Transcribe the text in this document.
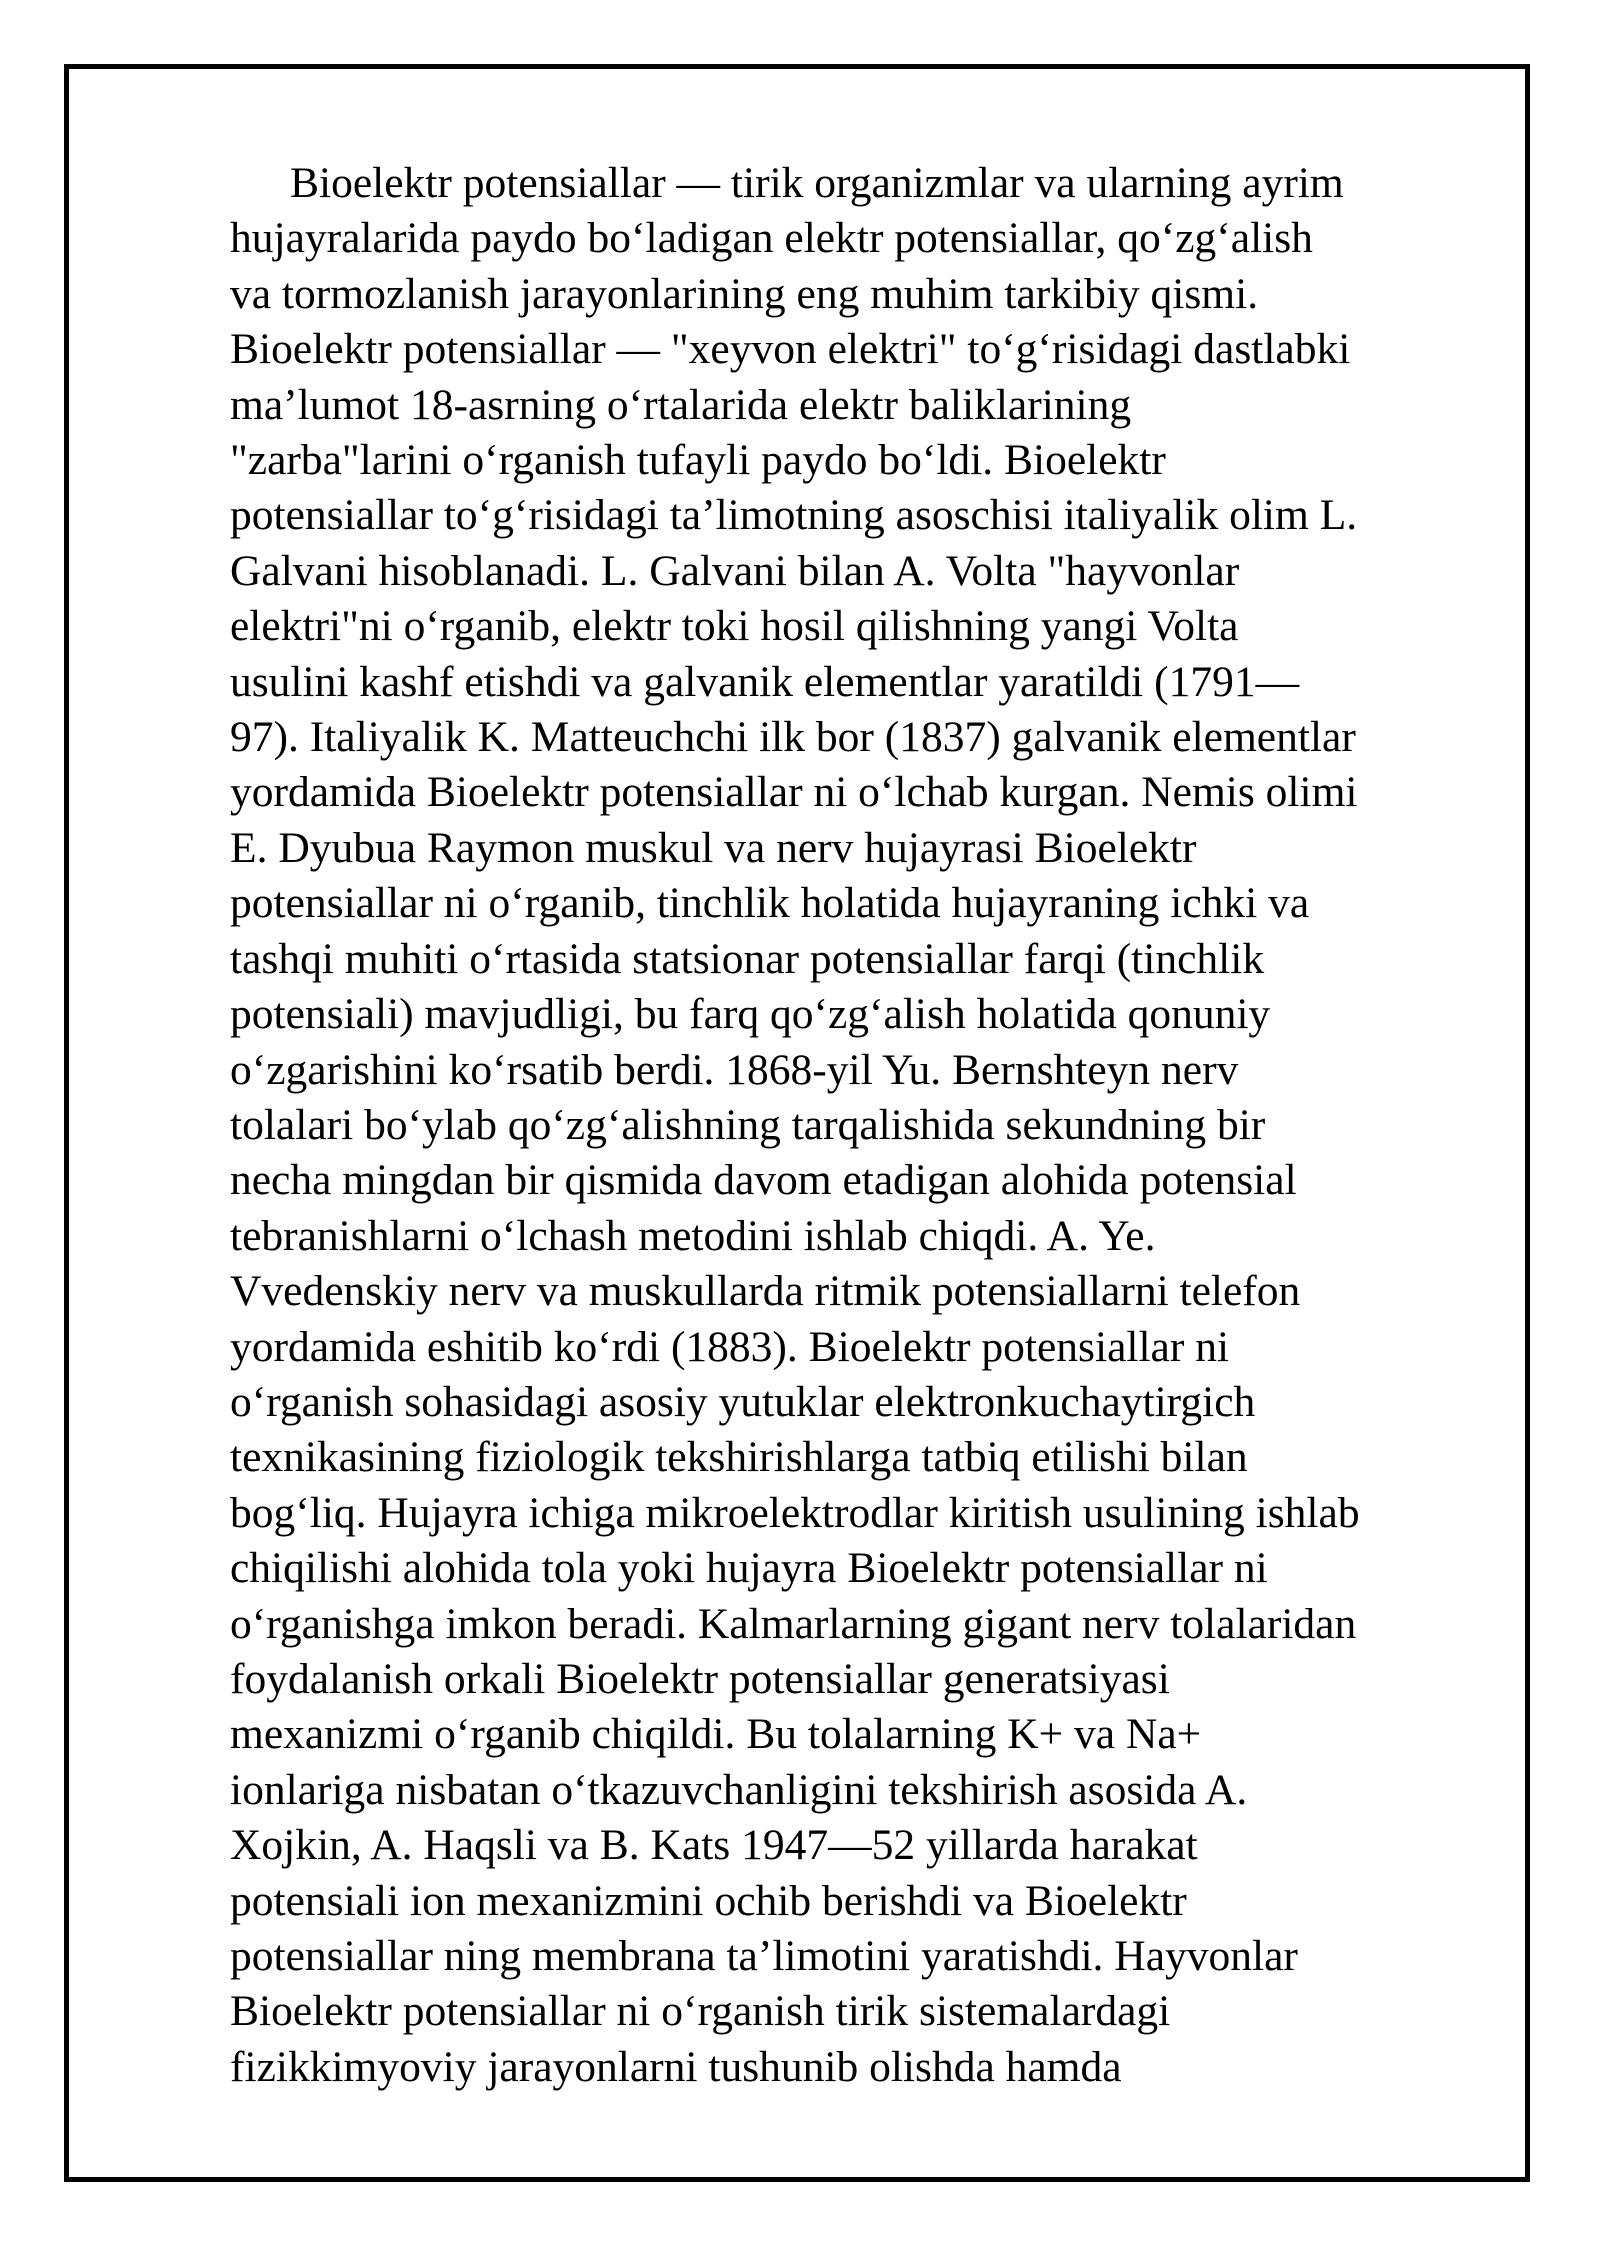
Bioelektr potensiallar — tirik organizmlar va ularning ayrim
hujayralarida paydo boʻladigan elektr potensiallar, qoʻzgʻalish
va tormozlanish jarayonlarining eng muhim tarkibiy qismi.
Bioelektr potensiallar — "xeyvon elektri" toʻgʻrisidagi dastlabki
maʼlumot 18-asrning oʻrtalarida elektr baliklarining
"zarba"larini oʻrganish tufayli paydo boʻldi. Bioelektr
potensiallar toʻgʻrisidagi taʼlimotning asoschisi italiyalik olim L.
Galvani hisoblanadi. L. Galvani bilan A. Volta "hayvonlar
elektri"ni oʻrganib, elektr toki hosil qilishning yangi Volta
usulini kashf etishdi va galvanik elementlar yaratildi (1791—
97). Italiyalik K. Matteuchchi ilk bor (1837) galvanik elementlar
yordamida Bioelektr potensiallar ni oʻlchab kurgan. Nemis olimi
E. Dyubua Raymon muskul va nerv hujayrasi Bioelektr
potensiallar ni oʻrganib, tinchlik holatida hujayraning ichki va
tashqi muhiti oʻrtasida statsionar potensiallar farqi (tinchlik
potensiali) mavjudligi, bu farq qoʻzgʻalish holatida qonuniy
oʻzgarishini koʻrsatib berdi. 1868-yil Yu. Bernshteyn nerv
tolalari boʻylab qoʻzgʻalishning tarqalishida sekundning bir
necha mingdan bir qismida davom etadigan alohida potensial
tebranishlarni oʻlchash metodini ishlab chiqdi. A. Ye.
Vvedenskiy nerv va muskullarda ritmik potensiallarni telefon
yordamida eshitib koʻrdi (1883). Bioelektr potensiallar ni
oʻrganish sohasidagi asosiy yutuklar elektronkuchaytirgich
texnikasining fiziologik tekshirishlarga tatbiq etilishi bilan
bogʻliq. Hujayra ichiga mikroelektrodlar kiritish usulining ishlab
chiqilishi alohida tola yoki hujayra Bioelektr potensiallar ni
oʻrganishga imkon beradi. Kalmarlarning gigant nerv tolalaridan
foydalanish orkali Bioelektr potensiallar generatsiyasi
mexanizmi oʻrganib chiqildi. Bu tolalarning K+ va Na+
ionlariga nisbatan oʻtkazuvchanligini tekshirish asosida A.
Xojkin, A. Haqsli va B. Kats 1947—52 yillarda harakat
potensiali ion mexanizmini ochib berishdi va Bioelektr
potensiallar ning membrana taʼlimotini yaratishdi. Hayvonlar
Bioelektr potensiallar ni oʻrganish tirik sistemalardagi
fizikkimyoviy jarayonlarni tushunib olishda hamda
